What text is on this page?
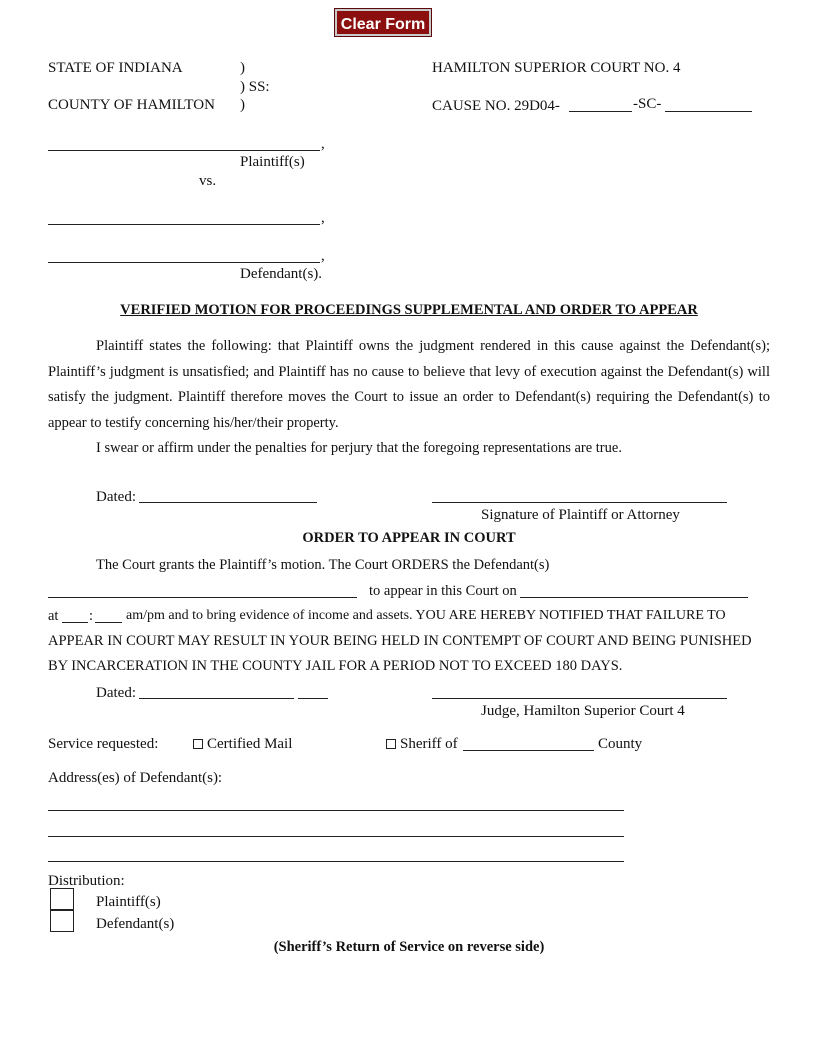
Clear Form
STATE OF INDIANA	)
) SS:
COUNTY OF HAMILTON )
HAMILTON SUPERIOR COURT NO. 4
CAUSE NO. 29D04-	-SC-
,
Plaintiff(s)
vs.
,
,
Defendant(s).
VERIFIED MOTION FOR PROCEEDINGS SUPPLEMENTAL AND ORDER TO APPEAR

Plaintiff states the following: that Plaintiff owns the judgment rendered in this cause against the Defendant(s); Plaintiff’s judgment is unsatisfied; and Plaintiff has no cause to believe that levy of execution against the Defendant(s) will satisfy the judgment. Plaintiff therefore moves the Court to issue an order to Defendant(s) requiring the Defendant(s) to appear to testify concerning his/her/their property.

I swear or affirm under the penalties for perjury that the foregoing representations are true.

Dated:
Signature of Plaintiff or Attorney
ORDER TO APPEAR IN COURT
The Court grants the Plaintiff’s motion. The Court ORDERS the Defendant(s)
to appear in this Court on
at : am/pm and to bring evidence of income and assets. YOU ARE HEREBY NOTIFIED THAT FAILURE TO
APPEAR IN COURT MAY RESULT IN YOUR BEING HELD IN CONTEMPT OF COURT AND BEING PUNISHED
BY INCARCERATION IN THE COUNTY JAIL FOR A PERIOD NOT TO EXCEED 180 DAYS.
Dated:
Judge, Hamilton Superior Court 4
Service requested:	Certified Mail	Sheriff of	County
Address(es) of Defendant(s):
Distribution:
Plaintiff(s)
Defendant(s)
(Sheriff’s Return of Service on reverse side)
